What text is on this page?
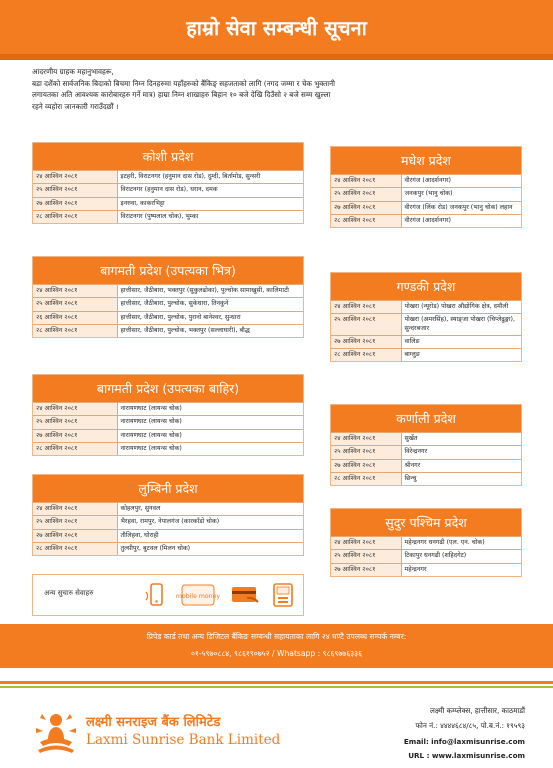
हाम्रो सेवा सम्बन्धी सूचना

आदरणीय ग्राहक महानुभावहरू,

बडा दशैंको सार्वजनिक बिदाको बिचमा निम्न दिनहरुमा यहाँहरुको बैंकिङ् सहजताको लागि (नगद जम्मा र चेक भुक्तानी

लगायतका अति आवश्यक कारोबारहरु गर्ने मात्र) हाम्रा निम्न शाखाहरु बिहान १० बजे देखि दिउँसो २ बजे सम्म खुल्ला

रहने व्यहोरा जानकारी गराउँदछौं ।

कोशी प्रदेश
२४ आश्विन २०८१	इटहरी, विराटनगर (हनुमान दास रोड), दुम्दी, बिर्तामोड, सुन्सरी
२५ आश्विन २०८१	विराटनगर (हनुमान दास रोड), धरान, दमक
२७ आश्विन २०८१	इनरुवा, काकरभिट्टा
२८ आश्विन २०८१	विराटनगर (पुष्पलाल चोक), भुम्का
बागमती प्रदेश (उपत्यका भित्र)
२४ आश्विन २०८१	हात्तीसार, जैठीबारा, भक्तपुर (सुकुलढोका), पुल्चोक सामाखुसी, कालिमाटी
२५ आश्विन २०८१	हात्तीसार, जैठीबारा, पुल्चोक, सुकेधारा, तिनकुने
२६ आश्विन २०८१	हात्तीसार, जैठीबारा, पुल्चोक, पुरानो बानेश्वर, सुन्धारा
२८ आश्विन २०८१	हात्तीसार, जैठीबारा, पुल्चोक, भक्तपुर (सल्लाघारी), बौद्ध
बागमती प्रदेश (उपत्यका बाहिर)
२४ आश्विन २०८१	नारायणघाट (लायन्स चोक)
२५ आश्विन २०८१	नारायणघाट (लायन्स चोक)
२७ आश्विन २०८१	नारायणघाट (लायन्स चोक)
२८ आश्विन २०८१	नारायणघाट (लायन्स चोक)
लुम्बिनी प्रदेश
२४ आश्विन २०८१	कोहलपुर, सुनवल
२५ आश्विन २०८१	भैरहवा, रामपुर, नेपालगंज (कारकाँडो चोक)
२७ आश्विन २०८१	तौलिहवा, घोराही
२८ आश्विन २०८१	तुल्सीपुर, बुटवल (मिलन चोक)
मधेश प्रदेश
२४ आश्विन २०८१	वीरगंज (आदर्शनगर)
२५ आश्विन २०८१	जनकपुर (भानु चोक)
२७ आश्विन २०८१	वीरगंज (लिंक रोड) जनकपुर (भानु चोक) लहान
२८ आश्विन २०८१	वीरगंज (आदर्शनगर)
गण्डकी प्रदेश
२४ आश्विन २०८१	पोखरा (न्यूरोड) पोखरा औद्योगिक क्षेत्र, दमौली
२५ आश्विन २०८१	पोखरा (अमरसिंह), स्याङ्जा पोखरा (चिप्लेढुङ्गा), सुन्दरबजार
२७ आश्विन २०८१	वालिङ
२८ आश्विन २०८१	बाग्लुङ
कर्णाली प्रदेश
२४ आश्विन २०८१	सुर्खेत
२५ आश्विन २०८१	विरेन्द्रनगर
२७ आश्विन २०८१	श्रीनगर
२८ आश्विन २०८१	छिन्चु
सुदुर पश्चिम प्रदेश
२४ आश्विन २०८१	महेन्द्रनगर धनगढी (एल. एन. चोक)
२५ आश्विन २०८१	टिकापुर धनगढी (शहिदगेट)
२७ आश्विन २०८१	महेन्द्रनगर
अन्य सुचारु सेवाहरु	mobile money
प्रिपेड कार्ड तथा अन्य डिजिटल बैंकिङ सम्बन्धी सहायताका लागि २४ घण्टै उपलब्ध सम्पर्क नम्बर:
०१-५९७०८८४, ९८६१९०७५२ / Whatsapp : ९८६९७७६३३६
लक्ष्मी सनराइज बैंक लिमिटेड
Laxmi Sunrise Bank Limited
लक्ष्मी कम्प्लेक्स, हात्तीसार, काठमाडौं
फोन नं.: ४४४४६८४/८५, पो.ब.नं.: १९५९३
Email: info@laxmisunrise.com
URL : www.laxmisunrise.com
